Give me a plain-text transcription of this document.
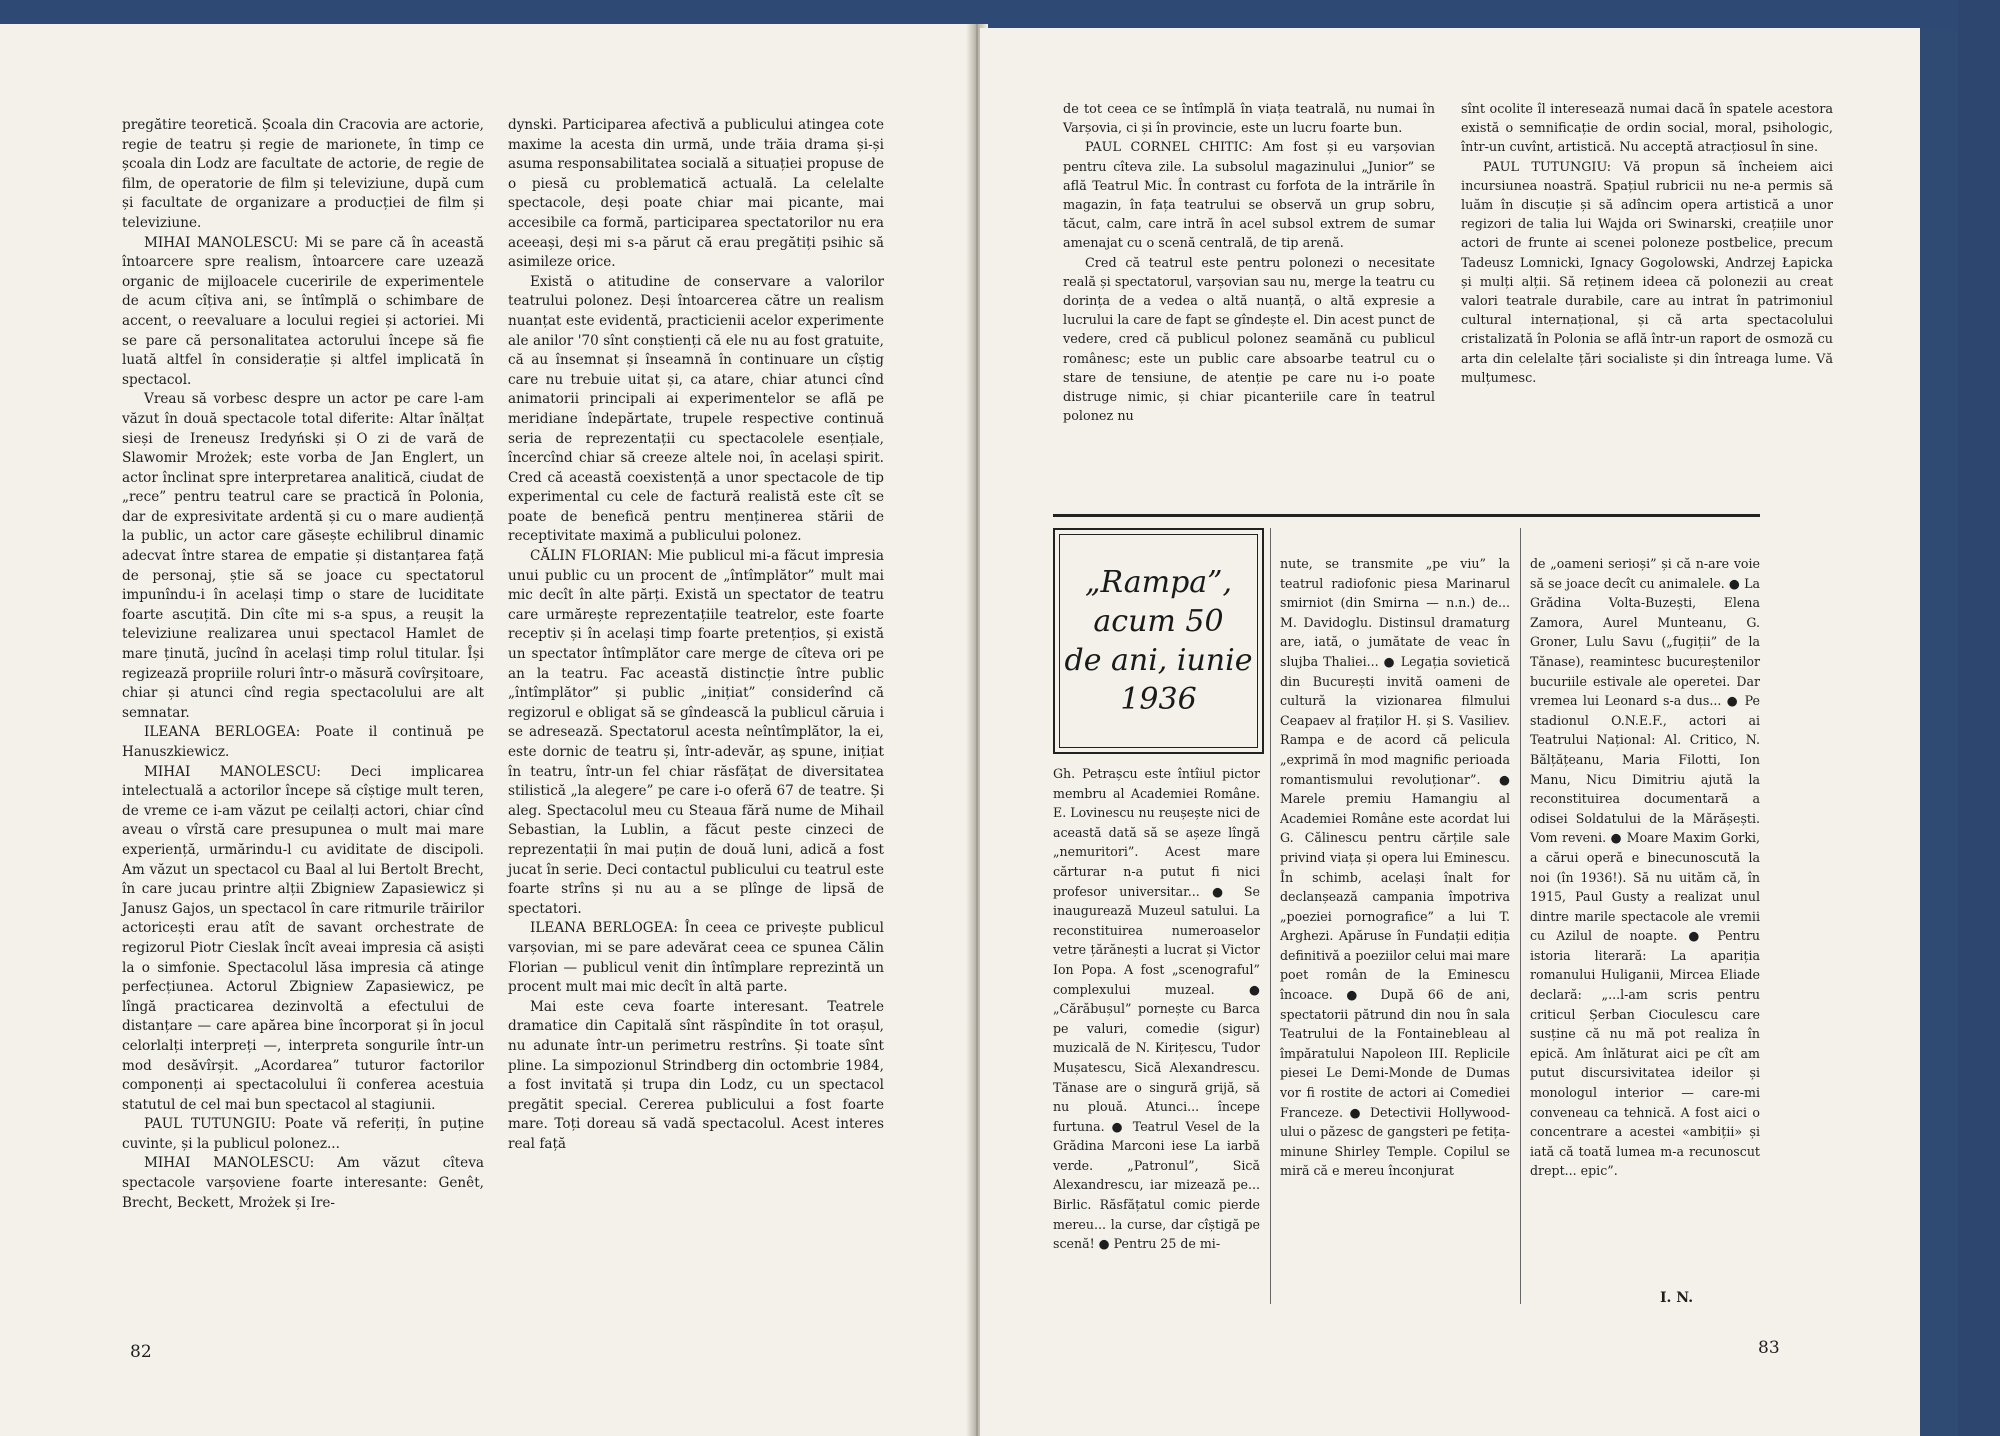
pregătire teoretică. Școala din Cracovia are actorie, regie de teatru și regie de marionete, în timp ce școala din Lodz are facultate de actorie, de regie de film, de operatorie de film și televiziune, după cum și facultate de organizare a producției de film și televiziune.

MIHAI MANOLESCU: Mi se pare că în această întoarcere spre realism, întoarcere care uzează organic de mijloacele cuceririle de experimentele de acum cîțiva ani, se întîmplă o schimbare de accent, o reevaluare a locului regiei și actoriei. Mi se pare că personalitatea actorului începe să fie luată altfel în considerație și altfel implicată în spectacol.

Vreau să vorbesc despre un actor pe care l-am văzut în două spectacole total diferite: Altar înălțat sieși de Ireneusz Iredyński și O zi de vară de Slawomir Mrożek; este vorba de Jan Englert, un actor înclinat spre interpretarea analitică, ciudat de „rece” pentru teatrul care se practică în Polonia, dar de expresivitate ardentă și cu o mare audiență la public, un actor care găsește echilibrul dinamic adecvat între starea de empatie și distanțarea față de personaj, știe să se joace cu spectatorul impunîndu-i în același timp o stare de luciditate foarte ascuțită. Din cîte mi s-a spus, a reușit la televiziune realizarea unui spectacol Hamlet de mare ținută, jucînd în același timp rolul titular. Își regizează propriile roluri într-o măsură covîrșitoare, chiar și atunci cînd regia spectacolului are alt semnatar.

ILEANA BERLOGEA: Poate il continuă pe Hanuszkiewicz.

MIHAI MANOLESCU: Deci implicarea intelectuală a actorilor începe să cîștige mult teren, de vreme ce i-am văzut pe ceilalți actori, chiar cînd aveau o vîrstă care presupunea o mult mai mare experiență, urmărindu-l cu aviditate de discipoli. Am văzut un spectacol cu Baal al lui Bertolt Brecht, în care jucau printre alții Zbigniew Zapasiewicz și Janusz Gajos, un spectacol în care ritmurile trăirilor actoricești erau atît de savant orchestrate de regizorul Piotr Cieslak încît aveai impresia că asiști la o simfonie. Spectacolul lăsa impresia că atinge perfecțiunea. Actorul Zbigniew Zapasiewicz, pe lîngă practicarea dezinvoltă a efectului de distanțare — care apărea bine încorporat și în jocul celorlalți interpreți —, interpreta songurile într-un mod desăvîrșit. „Acordarea” tuturor factorilor componenți ai spectacolului îi conferea acestuia statutul de cel mai bun spectacol al stagiunii.

PAUL TUTUNGIU: Poate vă referiți, în puține cuvinte, și la publicul polonez...

MIHAI MANOLESCU: Am văzut cîteva spectacole varșoviene foarte interesante: Genêt, Brecht, Beckett, Mrożek și Ire-

dynski. Participarea afectivă a publicului atingea cote maxime la acesta din urmă, unde trăia drama și-și asuma responsabilitatea socială a situației propuse de o piesă cu problematică actuală. La celelalte spectacole, deși poate chiar mai picante, mai accesibile ca formă, participarea spectatorilor nu era aceeași, deși mi s-a părut că erau pregătiți psihic să asimileze orice.

Există o atitudine de conservare a valorilor teatrului polonez. Deși întoarcerea către un realism nuanțat este evidentă, practicienii acelor experimente ale anilor '70 sînt conștienți că ele nu au fost gratuite, că au însemnat și înseamnă în continuare un cîștig care nu trebuie uitat și, ca atare, chiar atunci cînd animatorii principali ai experimentelor se află pe meridiane îndepărtate, trupele respective continuă seria de reprezentații cu spectacolele esențiale, încercînd chiar să creeze altele noi, în același spirit. Cred că această coexistență a unor spectacole de tip experimental cu cele de factură realistă este cît se poate de benefică pentru menținerea stării de receptivitate maximă a publicului polonez.

CĂLIN FLORIAN: Mie publicul mi-a făcut impresia unui public cu un procent de „întîmplător” mult mai mic decît în alte părți. Există un spectator de teatru care urmărește reprezentațiile teatrelor, este foarte receptiv și în același timp foarte pretențios, și există un spectator întîmplător care merge de cîteva ori pe an la teatru. Fac această distincție între public „întîmplător” și public „inițiat” considerînd că regizorul e obligat să se gîndească la publicul căruia i se adresează. Spectatorul acesta neîntîmplător, la ei, este dornic de teatru și, într-adevăr, aș spune, inițiat în teatru, într-un fel chiar răsfățat de diversitatea stilistică „la alegere” pe care i-o oferă 67 de teatre. Și aleg. Spectacolul meu cu Steaua fără nume de Mihail Sebastian, la Lublin, a făcut peste cinzeci de reprezentații în mai puțin de două luni, adică a fost jucat în serie. Deci contactul publicului cu teatrul este foarte strîns și nu au a se plînge de lipsă de spectatori.

ILEANA BERLOGEA: În ceea ce privește publicul varșovian, mi se pare adevărat ceea ce spunea Călin Florian — publicul venit din întîmplare reprezintă un procent mult mai mic decît în altă parte.

Mai este ceva foarte interesant. Teatrele dramatice din Capitală sînt răspîndite în tot orașul, nu adunate într-un perimetru restrîns. Și toate sînt pline. La simpozionul Strindberg din octombrie 1984, a fost invitată și trupa din Lodz, cu un spectacol pregătit special. Cererea publicului a fost foarte mare. Toți doreau să vadă spectacolul. Acest interes real față

82

de tot ceea ce se întîmplă în viața teatrală, nu numai în Varșovia, ci și în provincie, este un lucru foarte bun.

PAUL CORNEL CHITIC: Am fost și eu varșovian pentru cîteva zile. La subsolul magazinului „Junior” se află Teatrul Mic. În contrast cu forfota de la intrările în magazin, în fața teatrului se observă un grup sobru, tăcut, calm, care intră în acel subsol extrem de sumar amenajat cu o scenă centrală, de tip arenă.

Cred că teatrul este pentru polonezi o necesitate reală și spectatorul, varșovian sau nu, merge la teatru cu dorința de a vedea o altă nuanță, o altă expresie a lucrului la care de fapt se gîndește el. Din acest punct de vedere, cred că publicul polonez seamănă cu publicul românesc; este un public care absoarbe teatrul cu o stare de tensiune, de atenție pe care nu i-o poate distruge nimic, și chiar picanteriile care în teatrul polonez nu

sînt ocolite îl interesează numai dacă în spatele acestora există o semnificație de ordin social, moral, psihologic, într-un cuvînt, artistică. Nu acceptă atracțiosul în sine.

PAUL TUTUNGIU: Vă propun să încheiem aici incursiunea noastră. Spațiul rubricii nu ne-a permis să luăm în discuție și să adîncim opera artistică a unor regizori de talia lui Wajda ori Swinarski, creațiile unor actori de frunte ai scenei poloneze postbelice, precum Tadeusz Lomnicki, Ignacy Gogolowski, Andrzej Łapicka și mulți alții. Să reținem ideea că polonezii au creat valori teatrale durabile, care au intrat în patrimoniul cultural internațional, și că arta spectacolului cristalizată în Polonia se află într-un raport de osmoză cu arta din celelalte țări socialiste și din întreaga lume. Vă mulțumesc.

„Rampa”,
acum 50
de ani, iunie
1936

Gh. Petrașcu este întîiul pictor membru al Academiei Române. E. Lovinescu nu reușește nici de această dată să se așeze lîngă „nemuritori”. Acest mare cărturar n-a putut fi nici profesor universitar... ● Se inaugurează Muzeul satului. La reconstituirea numeroaselor vetre țărănești a lucrat și Victor Ion Popa. A fost „scenograful” complexului muzeal. ● „Cărăbușul” pornește cu Barca pe valuri, comedie (sigur) muzicală de N. Kirițescu, Tudor Mușatescu, Sică Alexandrescu. Tănase are o singură grijă, să nu plouă. Atunci... începe furtuna. ● Teatrul Vesel de la Grădina Marconi iese La iarbă verde. „Patronul”, Sică Alexandrescu, iar mizează pe... Birlic. Răsfățatul comic pierde mereu... la curse, dar cîștigă pe scenă! ● Pentru 25 de mi-

nute, se transmite „pe viu” la teatrul radiofonic piesa Marinarul smirniot (din Smirna — n.n.) de... M. Davidoglu. Distinsul dramaturg are, iată, o jumătate de veac în slujba Thaliei... ● Legația sovietică din București invită oameni de cultură la vizionarea filmului Ceapaev al fraților H. și S. Vasiliev. Rampa e de acord că pelicula „exprimă în mod magnific perioada romantismului revoluționar”. ● Marele premiu Hamangiu al Academiei Române este acordat lui G. Călinescu pentru cărțile sale privind viața și opera lui Eminescu. În schimb, același înalt for declanșează campania împotriva „poeziei pornografice” a lui T. Arghezi. Apăruse în Fundații ediția definitivă a poeziilor celui mai mare poet român de la Eminescu încoace. ● După 66 de ani, spectatorii pătrund din nou în sala Teatrului de la Fontainebleau al împăratului Napoleon III. Replicile piesei Le Demi-Monde de Dumas vor fi rostite de actori ai Comediei Franceze. ● Detectivii Hollywood-ului o păzesc de gangsteri pe fetița-minune Shirley Temple. Copilul se miră că e mereu înconjurat

de „oameni serioși” și că n-are voie să se joace decît cu animalele. ● La Grădina Volta-Buzești, Elena Zamora, Aurel Munteanu, G. Groner, Lulu Savu („fugiții” de la Tănase), reamintesc bucureștenilor bucuriile estivale ale operetei. Dar vremea lui Leonard s-a dus... ● Pe stadionul O.N.E.F., actori ai Teatrului Național: Al. Critico, N. Bălțățeanu, Maria Filotti, Ion Manu, Nicu Dimitriu ajută la reconstituirea documentară a odisei Soldatului de la Mărășești. Vom reveni. ● Moare Maxim Gorki, a cărui operă e binecunoscută la noi (în 1936!). Să nu uităm că, în 1915, Paul Gusty a realizat unul dintre marile spectacole ale vremii cu Azilul de noapte. ● Pentru istoria literară: La apariția romanului Huliganii, Mircea Eliade declară: „...l-am scris pentru criticul Șerban Cioculescu care susține că nu mă pot realiza în epică. Am înlăturat aici pe cît am putut discursivitatea ideilor și monologul interior — care-mi conveneau ca tehnică. A fost aici o concentrare a acestei «ambiții» și iată că toată lumea m-a recunoscut drept... epic”.

I. N.
83
